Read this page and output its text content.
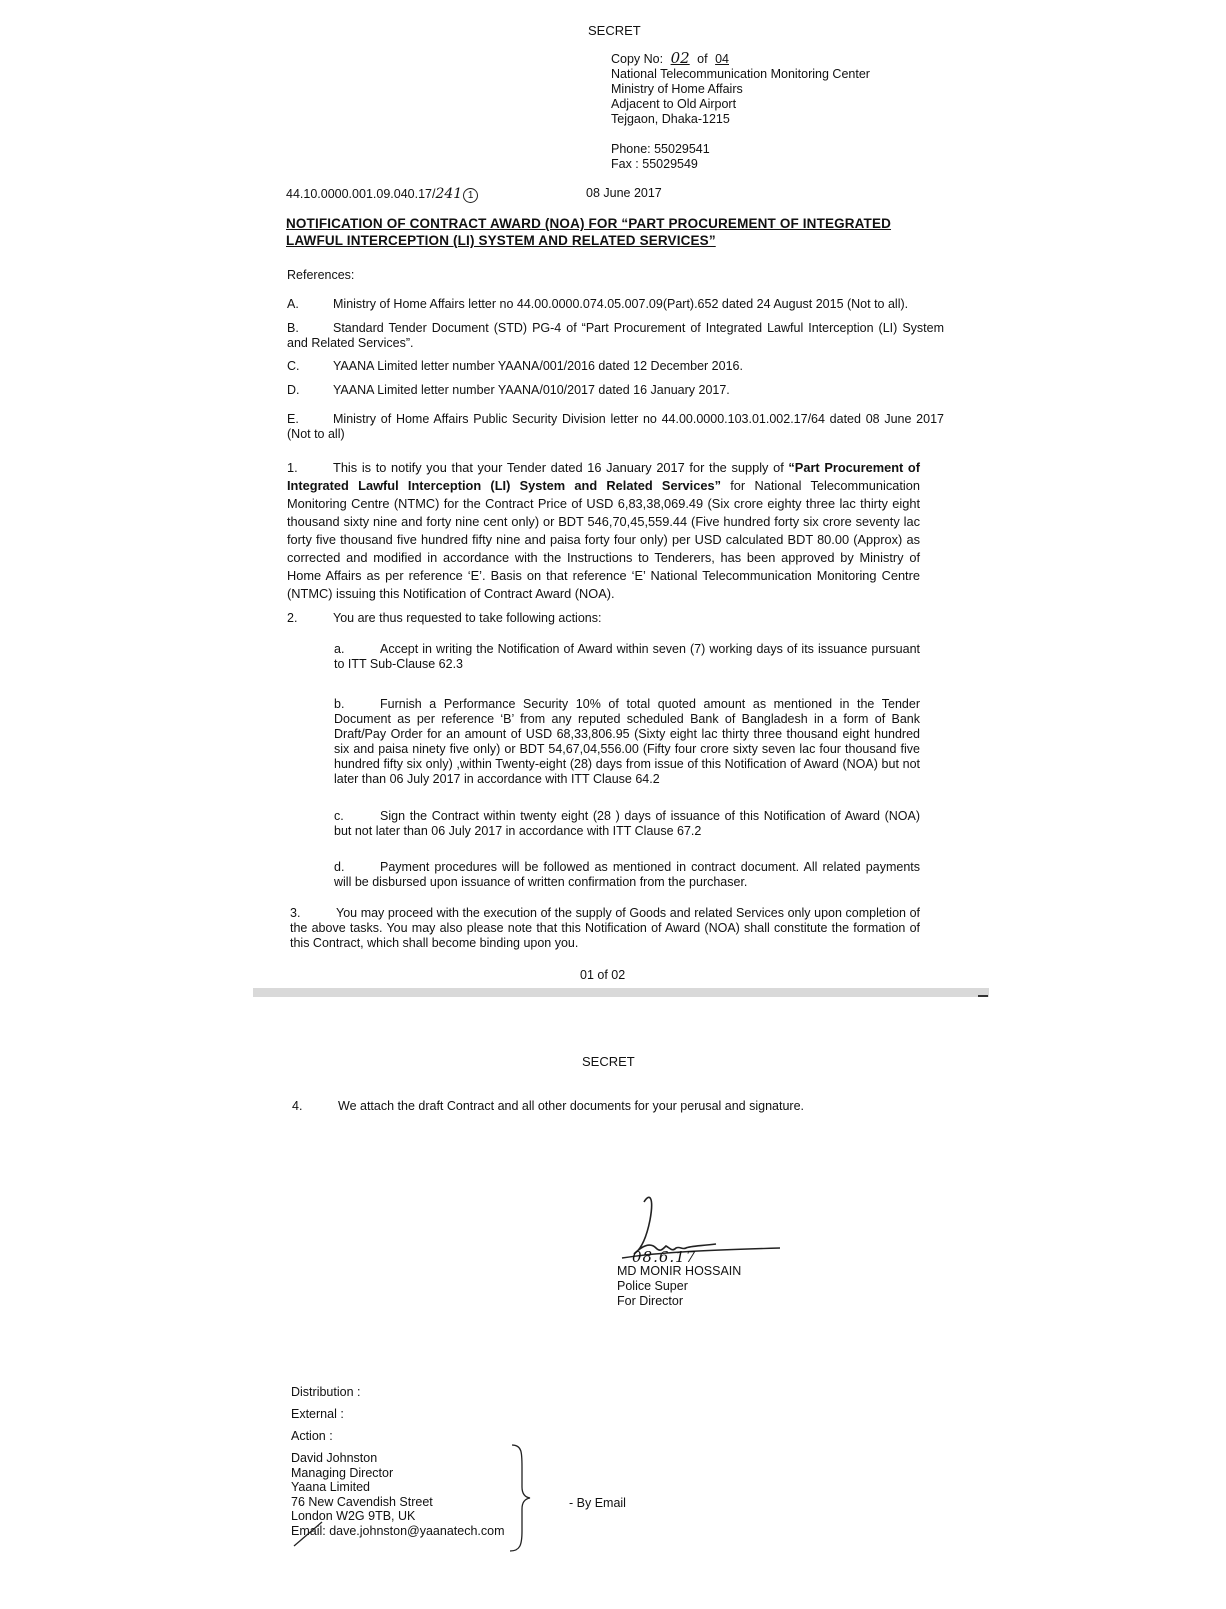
SECRET
Copy No: 02 of 04
National Telecommunication Monitoring Center
Ministry of Home Affairs
Adjacent to Old Airport
Tejgaon, Dhaka-1215
Phone: 55029541
Fax : 55029549
44.10.0000.001.09.040.17/241 1	08 June 2017
NOTIFICATION OF CONTRACT AWARD (NOA) FOR “PART PROCUREMENT OF INTEGRATED
LAWFUL INTERCEPTION (LI) SYSTEM AND RELATED SERVICES”
References:
A.	Ministry of Home Affairs letter no 44.00.0000.074.05.007.09(Part).652 dated 24 August 2015 (Not to all).
B.	Standard Tender Document (STD) PG-4 of “Part Procurement of Integrated Lawful Interception (LI) System and Related Services”.
C.	YAANA Limited letter number YAANA/001/2016 dated 12 December 2016.
D.	YAANA Limited letter number YAANA/010/2017 dated 16 January 2017.
E.	Ministry of Home Affairs Public Security Division letter no 44.00.0000.103.01.002.17/64 dated 08 June 2017 (Not to all)
1.	This is to notify you that your Tender dated 16 January 2017 for the supply of “Part Procurement of Integrated Lawful Interception (LI) System and Related Services” for National Telecommunication Monitoring Centre (NTMC) for the Contract Price of USD 6,83,38,069.49 (Six crore eighty three lac thirty eight thousand sixty nine and forty nine cent only) or BDT 546,70,45,559.44 (Five hundred forty six crore seventy lac forty five thousand five hundred fifty nine and paisa forty four only) per USD calculated BDT 80.00 (Approx) as corrected and modified in accordance with the Instructions to Tenderers, has been approved by Ministry of Home Affairs as per reference ‘E’. Basis on that reference ‘E’ National Telecommunication Monitoring Centre (NTMC) issuing this Notification of Contract Award (NOA).
2.	You are thus requested to take following actions:
a.	Accept in writing the Notification of Award within seven (7) working days of its issuance pursuant to ITT Sub-Clause 62.3
b.	Furnish a Performance Security 10% of total quoted amount as mentioned in the Tender Document as per reference ‘B’ from any reputed scheduled Bank of Bangladesh in a form of Bank Draft/Pay Order for an amount of USD 68,33,806.95 (Sixty eight lac thirty three thousand eight hundred six and paisa ninety five only) or BDT 54,67,04,556.00 (Fifty four crore sixty seven lac four thousand five hundred fifty six only) ,within Twenty-eight (28) days from issue of this Notification of Award (NOA) but not later than 06 July 2017 in accordance with ITT Clause 64.2
c.	Sign the Contract within twenty eight (28 ) days of issuance of this Notification of Award (NOA) but not later than 06 July 2017 in accordance with ITT Clause 67.2
d.	Payment procedures will be followed as mentioned in contract document. All related payments will be disbursed upon issuance of written confirmation from the purchaser.
3.	You may proceed with the execution of the supply of Goods and related Services only upon completion of the above tasks. You may also please note that this Notification of Award (NOA) shall constitute the formation of this Contract, which shall become binding upon you.
01 of 02
SECRET
4.	We attach the draft Contract and all other documents for your perusal and signature.
08.6.17
MD MONIR HOSSAIN
Police Super
For Director
Distribution :
External :
Action :
David Johnston
Managing Director
Yaana Limited
76 New Cavendish Street
London W2G 9TB, UK
Email: dave.johnston@yaanatech.com
- By Email
